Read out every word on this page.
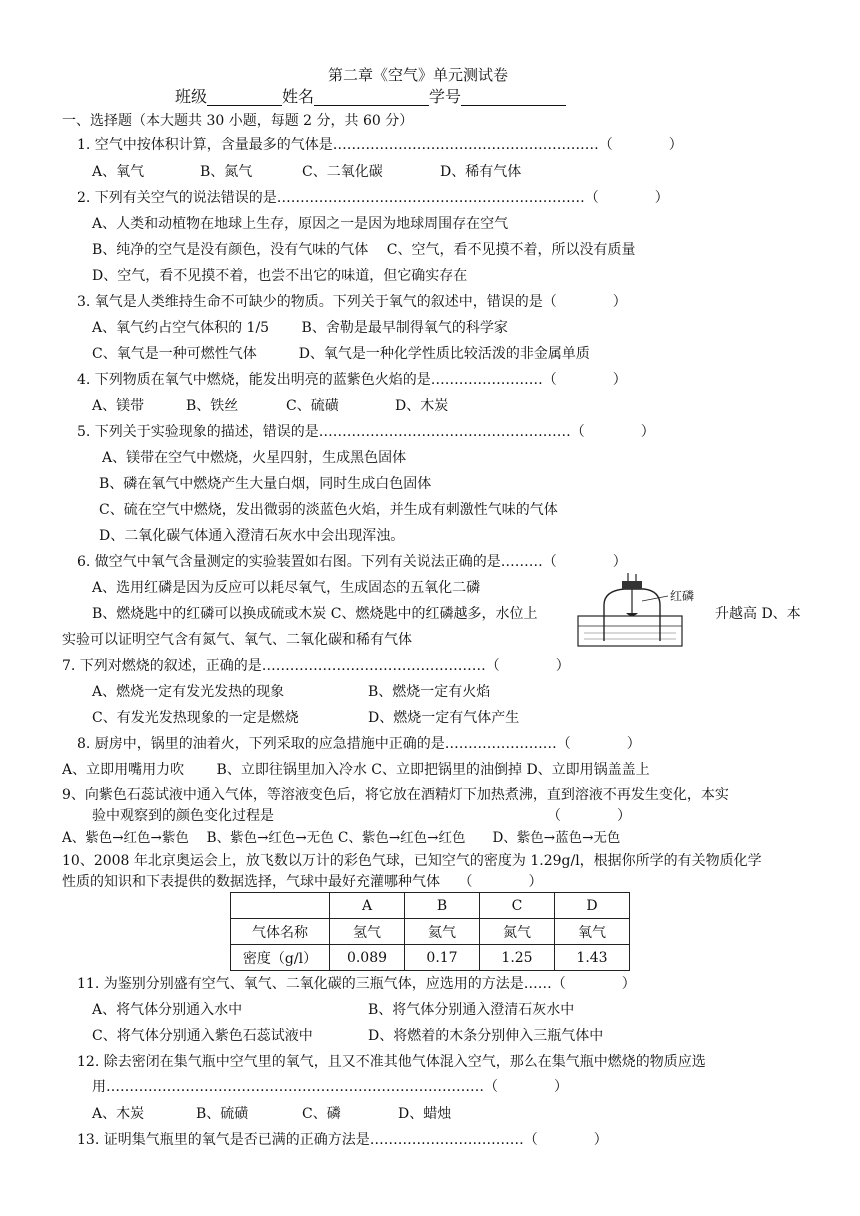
第二章《空气》单元测试卷
班级	姓名	学号
一、选择题（本大题共 30 小题，每题 2 分，共 60 分）
1. 空气中按体积计算，含量最多的气体是…………………………………………………（　　　　）
A、氧气	B、氮气	C、二氧化碳	D、稀有气体
2. 下列有关空气的说法错误的是…………………………………………………………（　　　　）
A、人类和动植物在地球上生存，原因之一是因为地球周围存在空气
B、纯净的空气是没有颜色，没有气味的气体　 C、空气，看不见摸不着，所以没有质量
D、空气，看不见摸不着，也尝不出它的味道，但它确实存在
3. 氧气是人类维持生命不可缺少的物质。下列关于氧气的叙述中，错误的是（　　　　）
A、氧气约占空气体积的 1/5　　 B、舍勒是最早制得氧气的科学家
C、氧气是一种可燃性气体　　　D、氧气是一种化学性质比较活泼的非金属单质
4. 下列物质在氧气中燃烧，能发出明亮的蓝紫色火焰的是……………………（　　　　）
A、镁带	B、铁丝	C、硫磺	D、木炭
5. 下列关于实验现象的描述，错误的是………………………………………………（　　　　）
A、镁带在空气中燃烧，火星四射，生成黑色固体
B、磷在氧气中燃烧产生大量白烟，同时生成白色固体
C、硫在空气中燃烧，发出微弱的淡蓝色火焰，并生成有刺激性气味的气体
D、二氧化碳气体通入澄清石灰水中会出现浑浊。
6. 做空气中氧气含量测定的实验装置如右图。下列有关说法正确的是………（　　　　）
A、选用红磷是因为反应可以耗尽氧气，生成固态的五氧化二磷
B、燃烧匙中的红磷可以换成硫或木炭 C、燃烧匙中的红磷越多，水位上	升越高 D、本
实验可以证明空气含有氮气、氧气、二氧化碳和稀有气体
红磷
7. 下列对燃烧的叙述，正确的是…………………………………………（　　　　）
A、燃烧一定有发光发热的现象	B、燃烧一定有火焰
C、有发光发热现象的一定是燃烧	D、燃烧一定有气体产生
8. 厨房中，锅里的油着火，下列采取的应急措施中正确的是……………………（　　　　）
A、立即用嘴用力吹　　 B、立即往锅里加入冷水 C、立即把锅里的油倒掉 D、立即用锅盖盖上
9、向紫色石蕊试液中通入气体，等溶液变色后，将它放在酒精灯下加热煮沸，直到溶液不再发生变化，本实
验中观察到的颜色变化过程是　　　　　　　　　　　　　　　　　　　　（　　　　）
A、紫色→红色→紫色　 B、紫色→红色→无色 C、紫色→红色→红色　　D、紫色→蓝色→无色
10、2008 年北京奥运会上，放飞数以万计的彩色气球，已知空气的密度为 1.29g/l，根据你所学的有关物质化学
性质的知识和下表提供的数据选择，气球中最好充灌哪种气体　 （　　　　）
	A	B	C	D
气体名称	氢气	氦气	氮气	氧气
密度（g/l）	0.089	0.17	1.25	1.43
11. 为鉴别分别盛有空气、氧气、二氧化碳的三瓶气体，应选用的方法是……（　　　　）
A、将气体分别通入水中	B、将气体分别通入澄清石灰水中
C、将气体分别通入紫色石蕊试液中	D、将燃着的木条分别伸入三瓶气体中
12. 除去密闭在集气瓶中空气里的氧气，且又不准其他气体混入空气，那么在集气瓶中燃烧的物质应选
用………………………………………………………………………（　　　　）
A、木炭	B、硫磺	C、磷	D、蜡烛
13. 证明集气瓶里的氧气是否已满的正确方法是……………………………（　　　　）
